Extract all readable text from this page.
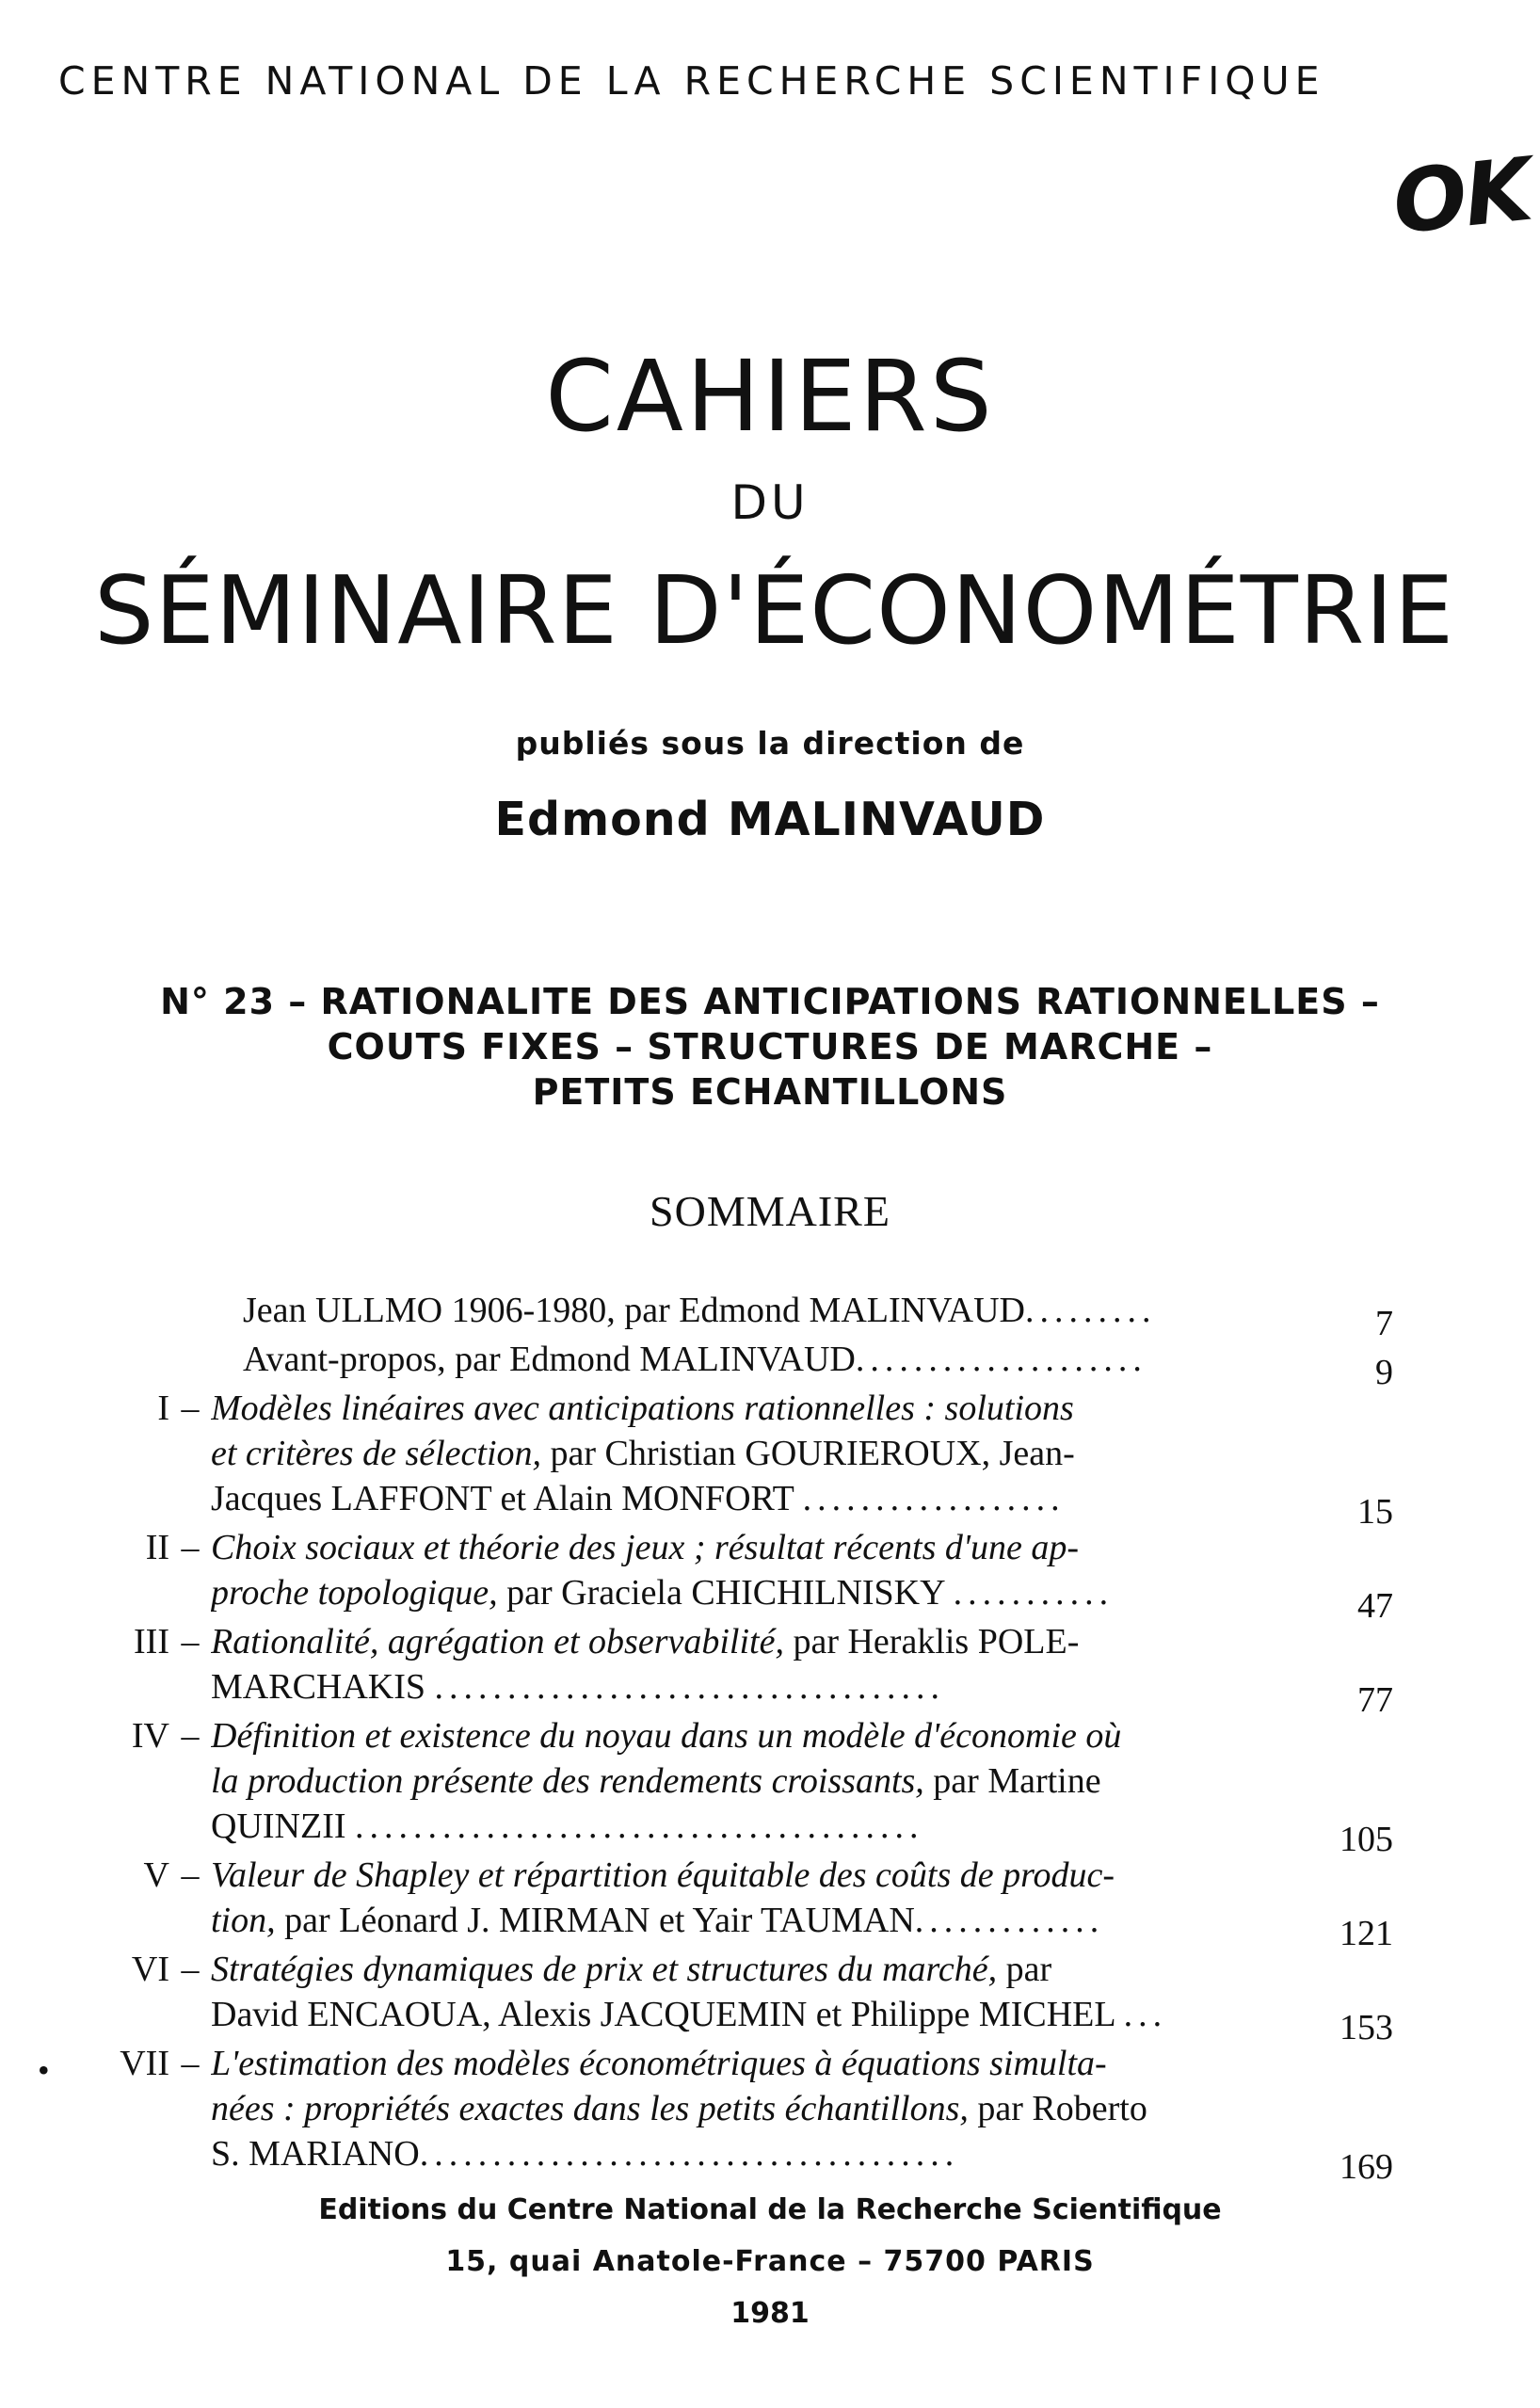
CENTRE NATIONAL DE LA RECHERCHE SCIENTIFIQUE
OK
CAHIERS
DU
SÉMINAIRE D'ÉCONOMÉTRIE
publiés sous la direction de
Edmond MALINVAUD
N° 23 – RATIONALITE DES ANTICIPATIONS RATIONNELLES –
COUTS FIXES – STRUCTURES DE MARCHE –
PETITS ECHANTILLONS
SOMMAIRE
Jean ULLMO 1906-1980, par Edmond MALINVAUD.........	7
Avant-propos, par Edmond MALINVAUD....................	9
I – Modèles linéaires avec anticipations rationnelles : solutions
et critères de sélection, par Christian GOURIEROUX, Jean-
Jacques LAFFONT et Alain MONFORT ..................	15
II – Choix sociaux et théorie des jeux ; résultat récents d'une ap-
proche topologique, par Graciela CHICHILNISKY ...........	47
III – Rationalité, agrégation et observabilité, par Heraklis POLE-
MARCHAKIS ...................................	77
IV – Définition et existence du noyau dans un modèle d'économie où
la production présente des rendements croissants, par Martine
QUINZII .......................................	105
V – Valeur de Shapley et répartition équitable des coûts de produc-
tion, par Léonard J. MIRMAN et Yair TAUMAN.............	121
VI – Stratégies dynamiques de prix et structures du marché, par
David ENCAOUA, Alexis JACQUEMIN et Philippe MICHEL ...	153
•	VII – L'estimation des modèles économétriques à équations simulta-
nées : propriétés exactes dans les petits échantillons, par Roberto
S. MARIANO.....................................	169
Editions du Centre National de la Recherche Scientifique
15, quai Anatole-France – 75700 PARIS
1981
